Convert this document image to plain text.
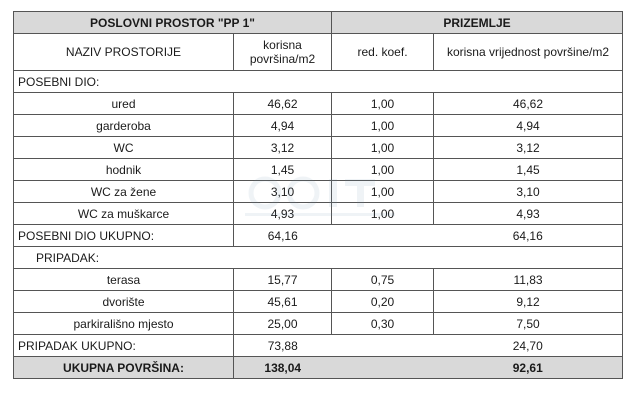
POSLOVNI PROSTOR "PP 1"		PRIZEMLJE	
NAZIV PROSTORIJE	korisna površina/m2	red. koef.	korisna vrijednost površine/m2
POSEBNI DIO:			
ured	46,62	1,00	46,62
garderoba	4,94	1,00	4,94
WC	3,12	1,00	3,12
hodnik	1,45	1,00	1,45
WC za žene	3,10	1,00	3,10
WC za muškarce	4,93	1,00	4,93
POSEBNI DIO UKUPNO:	64,16		64,16
PRIPADAK:			
terasa	15,77	0,75	11,83
dvorište	45,61	0,20	9,12
parkirališno mjesto	25,00	0,30	7,50
PRIPADAK UKUPNO:	73,88		24,70
UKUPNA POVRŠINA:	138,04		92,61
